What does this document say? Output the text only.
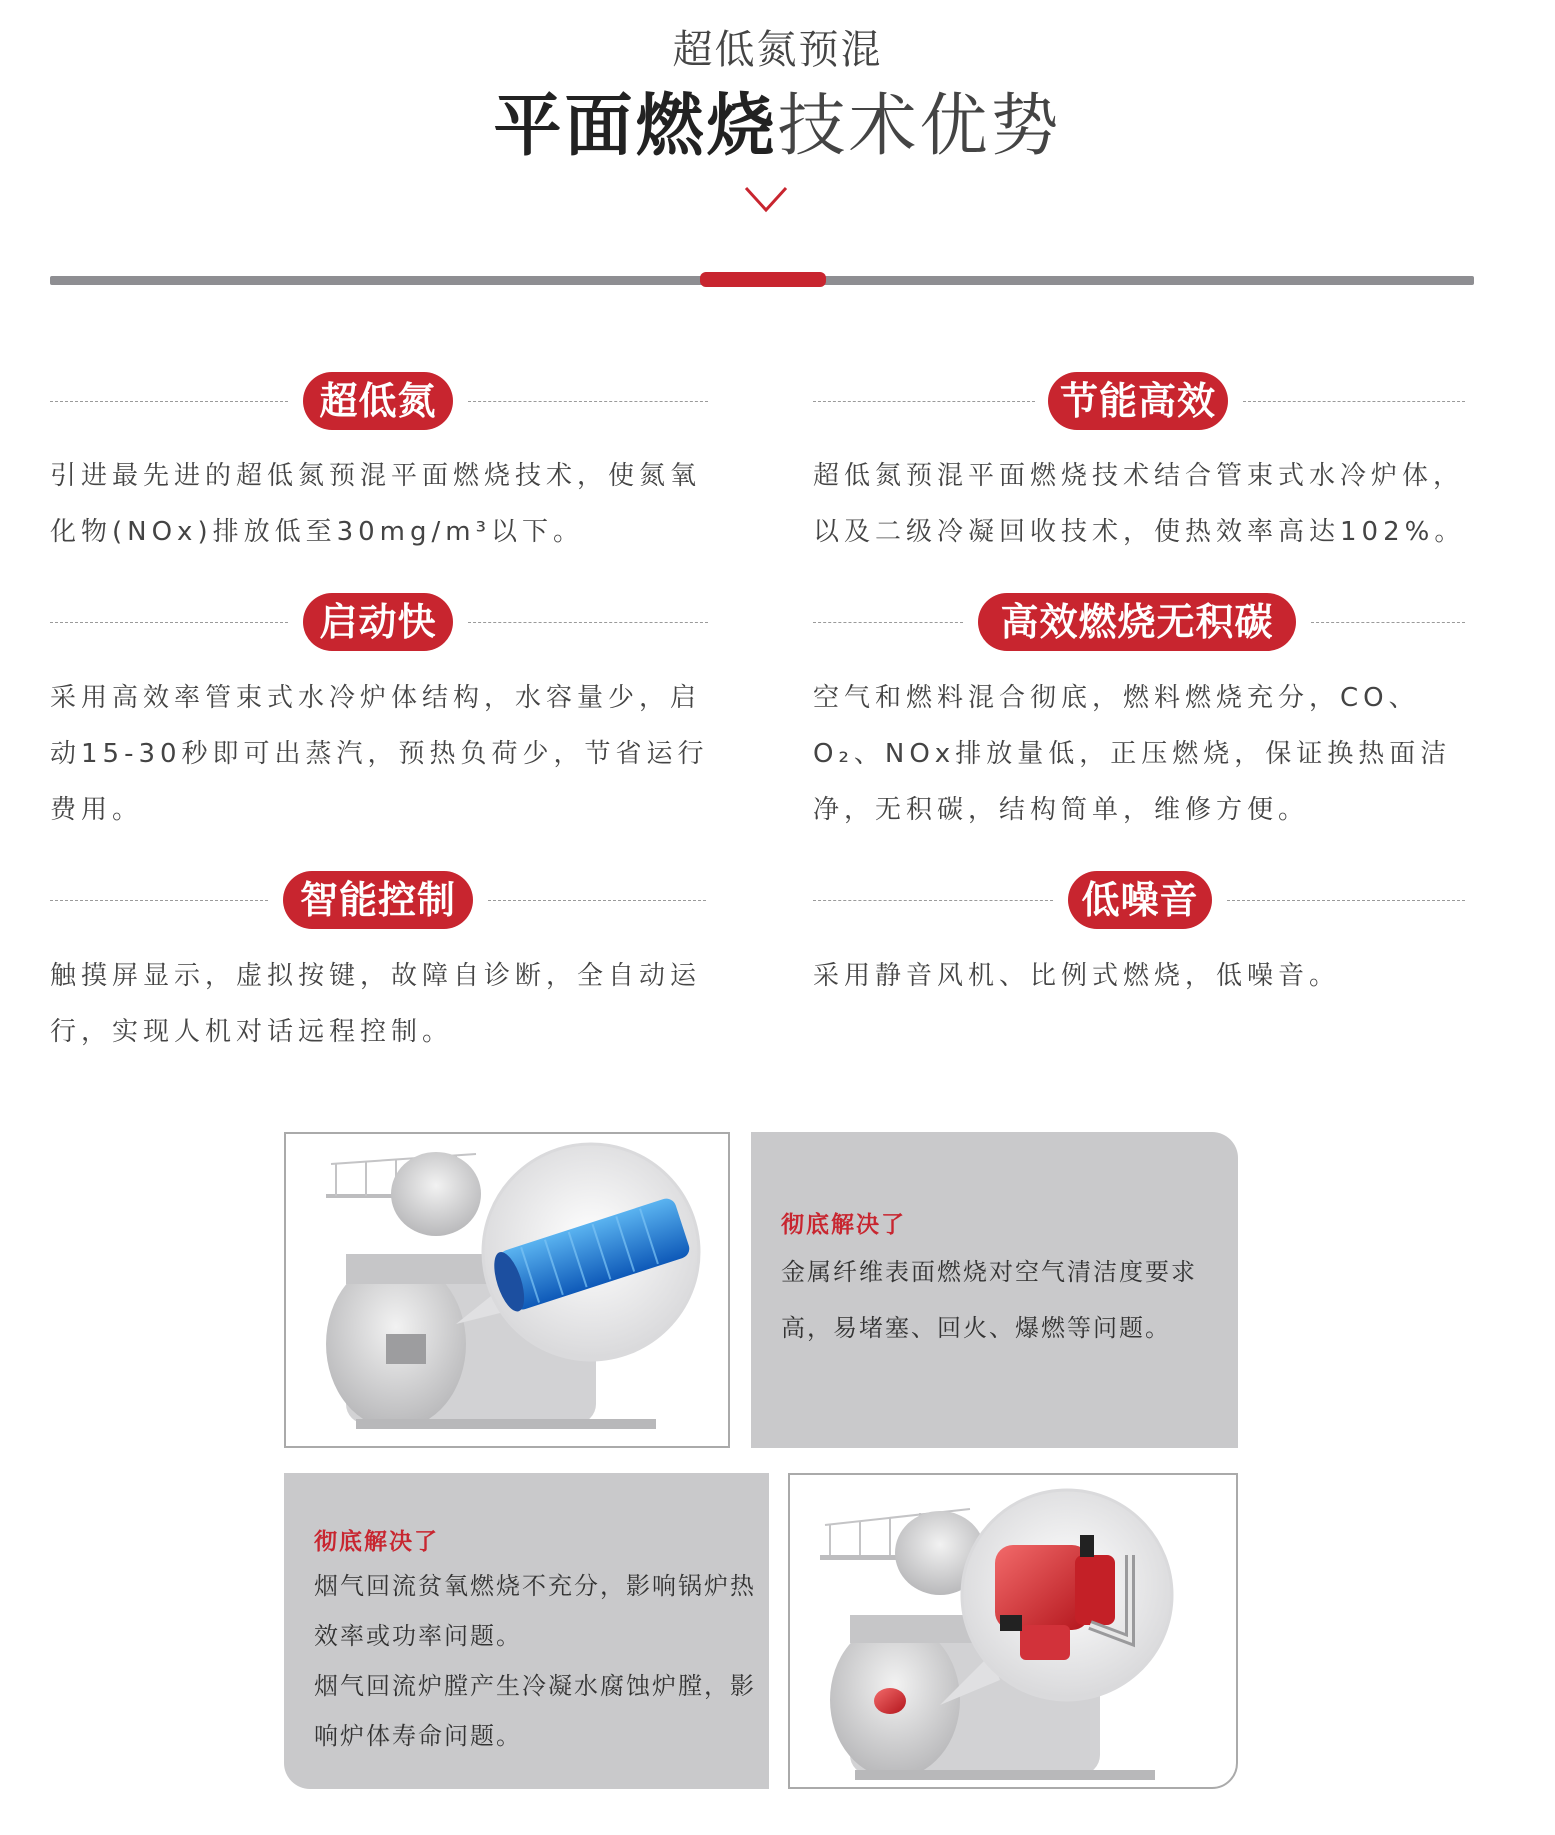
超低氮预混
平面燃烧技术优势
超低氮
引进最先进的超低氮预混平面燃烧技术，使氮氧化物(NOx)排放低至30mg/m³以下。
节能高效
超低氮预混平面燃烧技术结合管束式水冷炉体，以及二级冷凝回收技术，使热效率高达102%。
启动快
采用高效率管束式水冷炉体结构，水容量少，启动15-30秒即可出蒸汽，预热负荷少，节省运行费用。
高效燃烧无积碳
空气和燃料混合彻底，燃料燃烧充分，CO、O₂、NOx排放量低，正压燃烧，保证换热面洁净，无积碳，结构简单，维修方便。
智能控制
触摸屏显示，虚拟按键，故障自诊断，全自动运行，实现人机对话远程控制。
低噪音
采用静音风机、比例式燃烧，低噪音。
彻底解决了
金属纤维表面燃烧对空气清洁度要求
高，易堵塞、回火、爆燃等问题。
彻底解决了
烟气回流贫氧燃烧不充分，影响锅炉热
效率或功率问题。
烟气回流炉膛产生冷凝水腐蚀炉膛，影
响炉体寿命问题。
